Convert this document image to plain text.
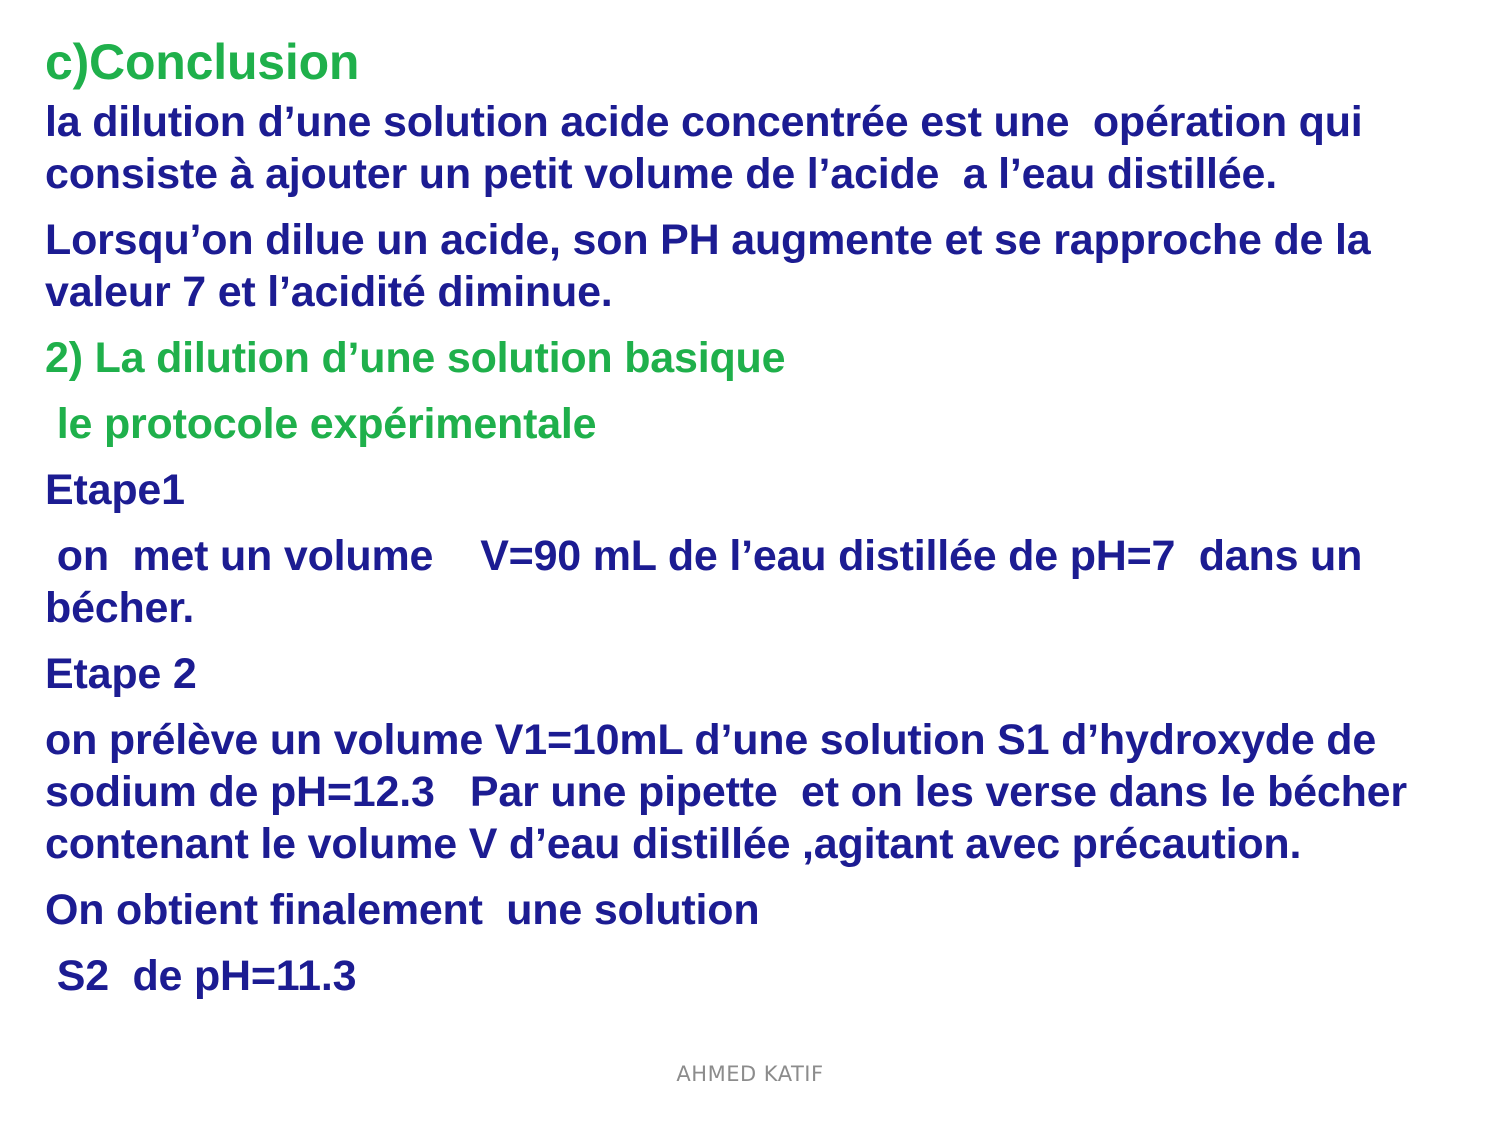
c)Conclusion

la dilution d’une solution acide concentrée est une  opération qui consiste à ajouter un petit volume de l’acide  a l’eau distillée.

Lorsqu’on dilue un acide, son PH augmente et se rapproche de la valeur 7 et l’acidité diminue.

2) La dilution d’une solution basique

le protocole expérimentale

Etape1

on  met un volume    V=90 mL de l’eau distillée de pH=7  dans un bécher.

Etape 2

on prélève un volume V1=10mL d’une solution S1 d’hydroxyde de sodium de pH=12.3   Par une pipette  et on les verse dans le bécher contenant le volume V d’eau distillée ,agitant avec précaution.

On obtient finalement  une solution

S2  de pH=11.3

AHMED KATIF
